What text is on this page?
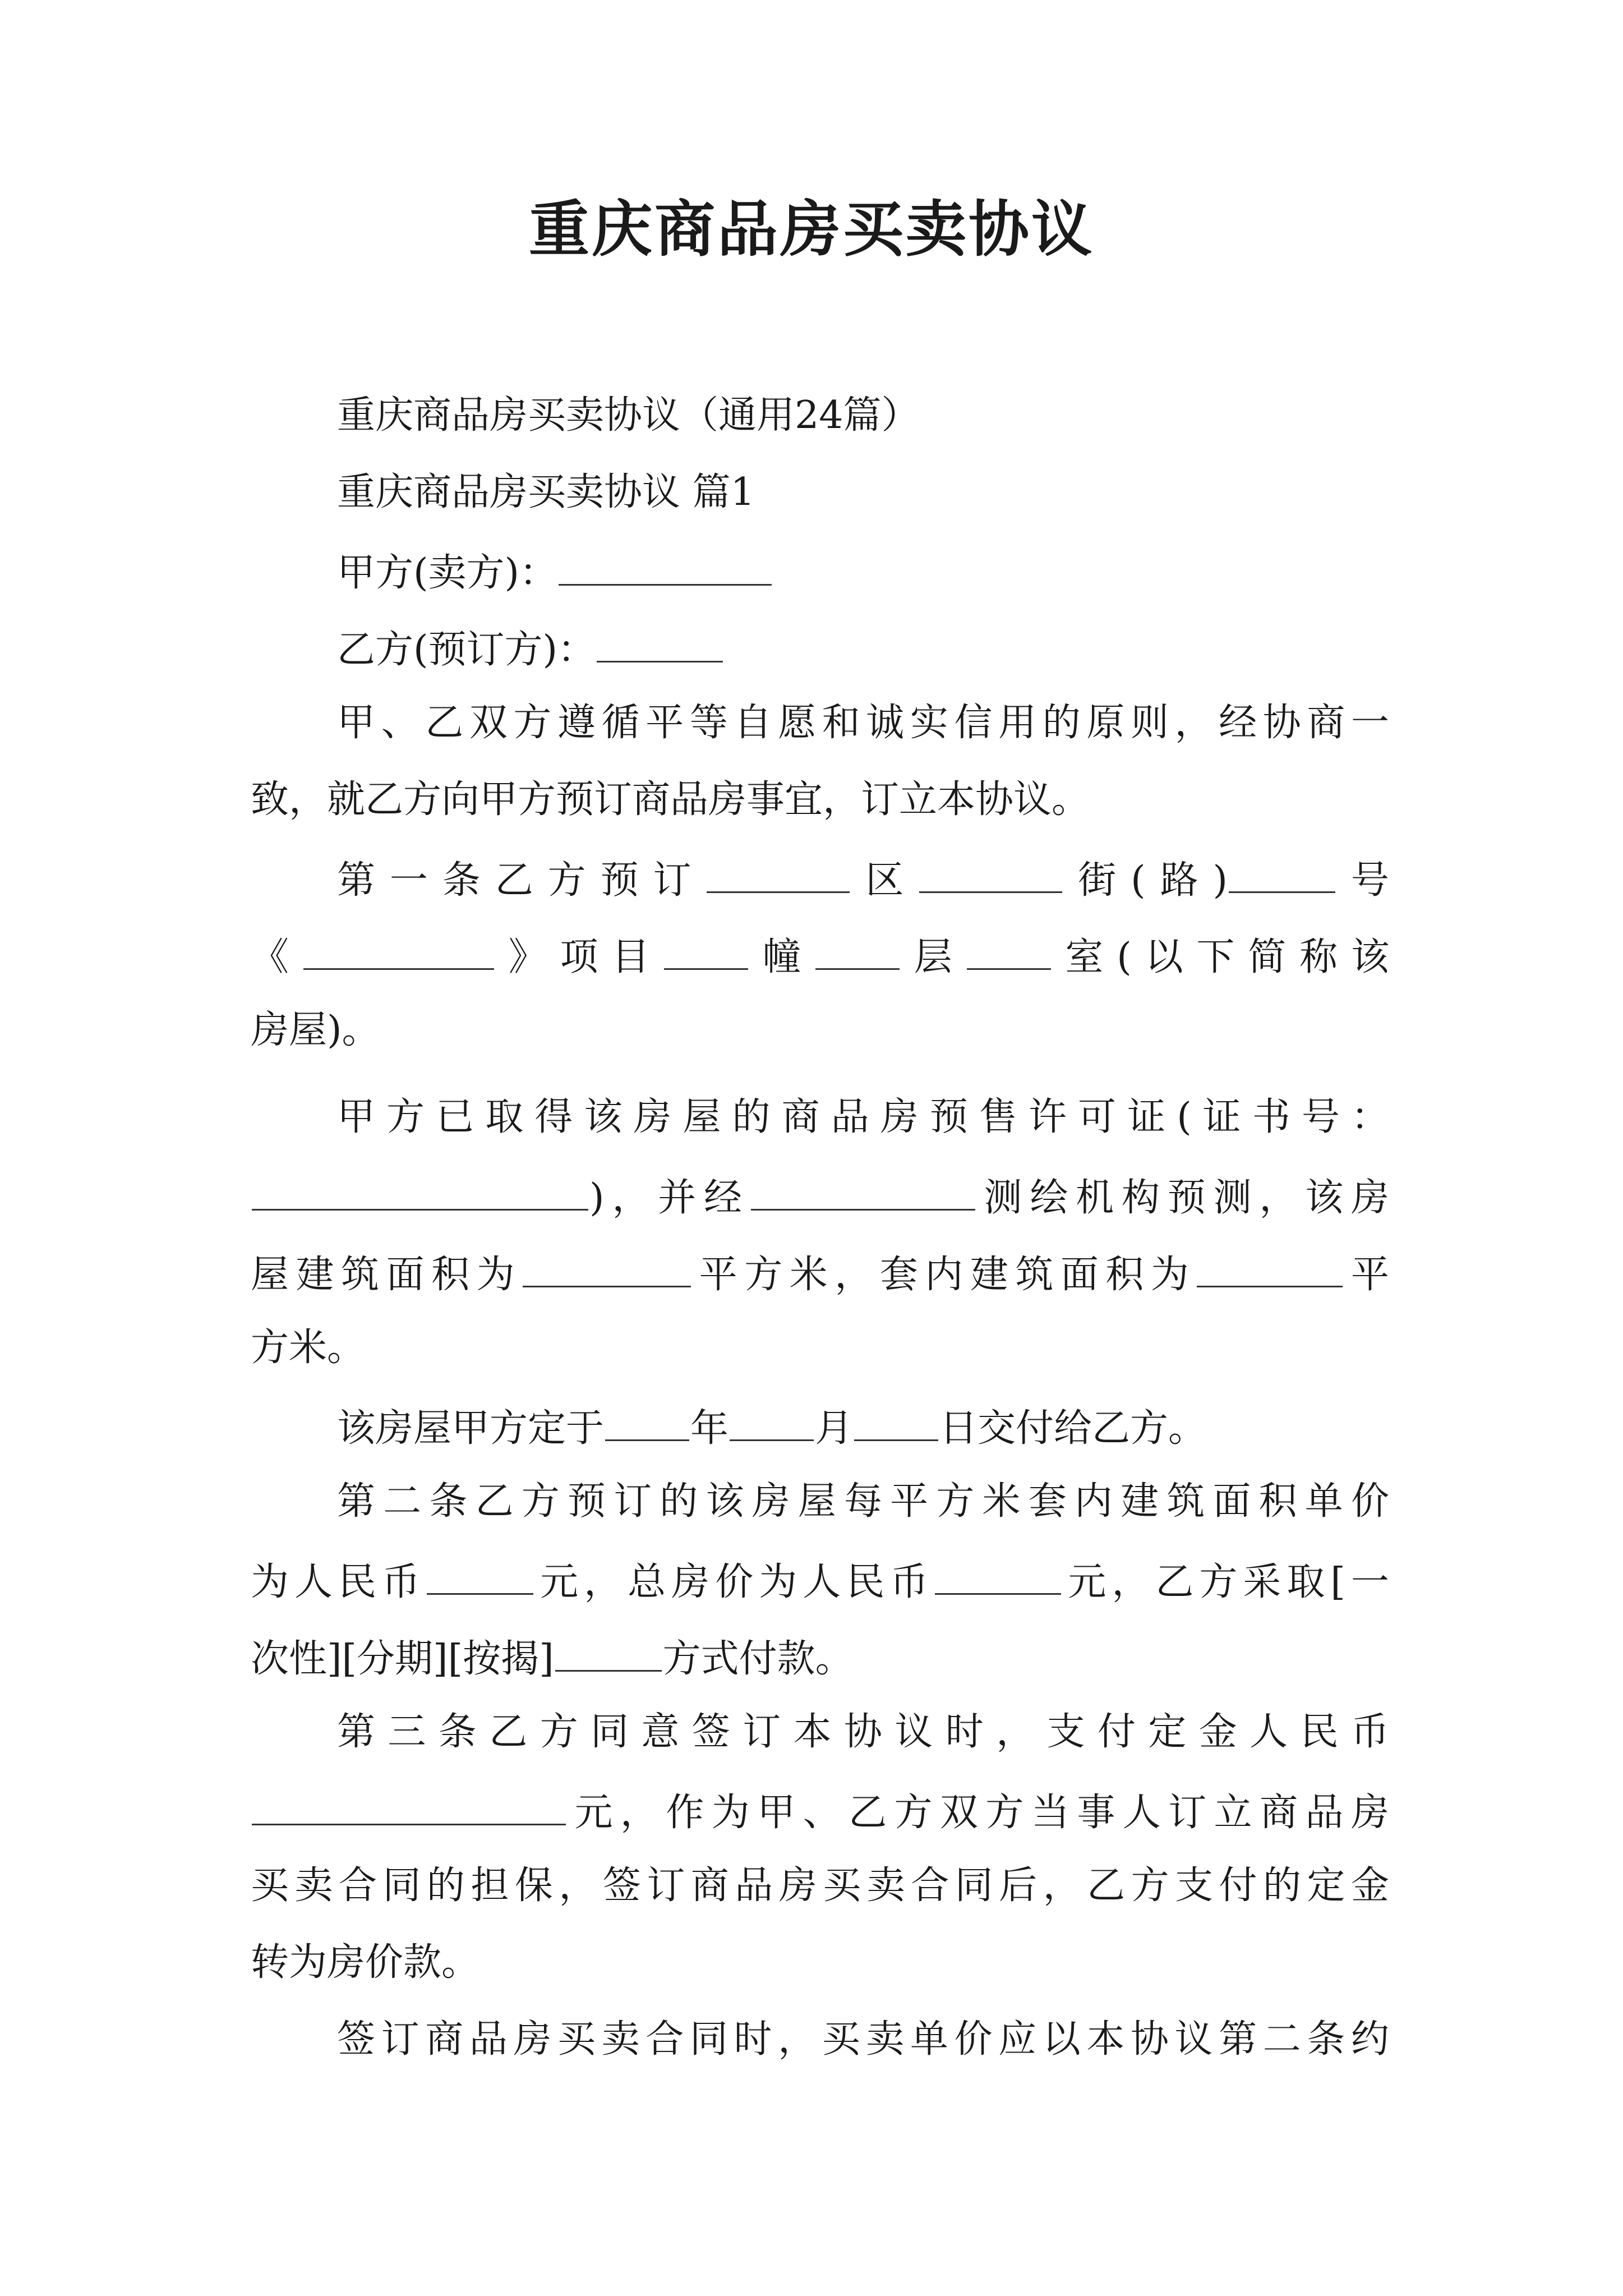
重庆商品房买卖协议
重庆商品房买卖协议（通用24篇）
重庆商品房买卖协议 篇1
甲方(卖方)：
乙方(预订方)：
甲、乙双方遵循平等自愿和诚实信用的原则，经协商一
致，就乙方向甲方预订商品房事宜，订立本协议。
第一条乙方预订	区	街(路)	号
《	》项目 幢 层 室(以下简称该
房屋)。
甲方已取得该房屋的商品房预售许可证(证书号：
)，并经	测绘机构预测，该房
屋建筑面积为	平方米，套内建筑面积为	平
方米。
该房屋甲方定于 年 月 日交付给乙方。
第二条乙方预订的该房屋每平方米套内建筑面积单价
为人民币	元，总房价为人民币	元，乙方采取[一
次性][分期][按揭]	方式付款。
第三条乙方同意签订本协议时，支付定金人民币
元，作为甲、乙方双方当事人订立商品房
买卖合同的担保，签订商品房买卖合同后，乙方支付的定金
转为房价款。
签订商品房买卖合同时，买卖单价应以本协议第二条约
